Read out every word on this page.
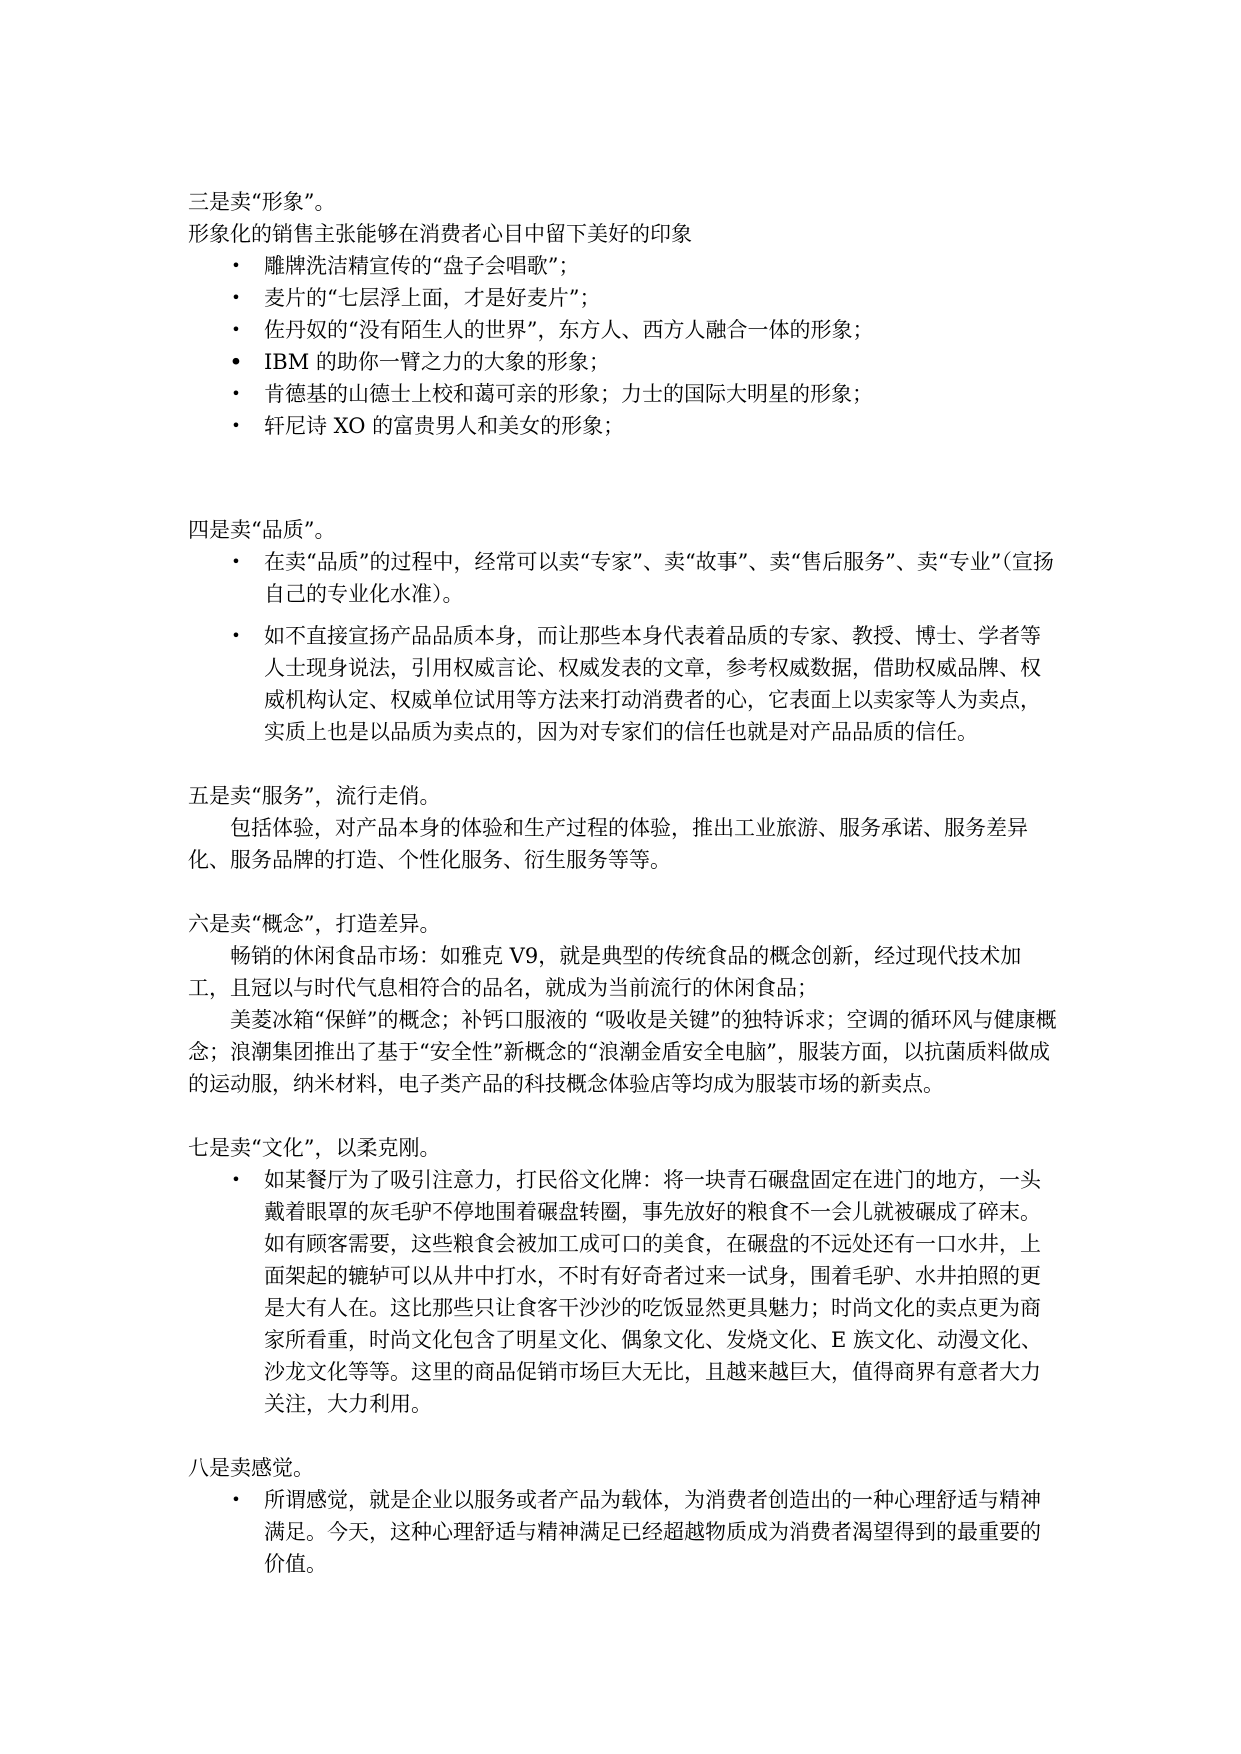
三是卖“形象”。

形象化的销售主张能够在消费者心目中留下美好的印象

• 雕牌洗洁精宣传的“盘子会唱歌”；
• 麦片的“七层浮上面，才是好麦片”；
• 佐丹奴的“没有陌生人的世界”，东方人、西方人融合一体的形象；
• IBM 的助你一臂之力的大象的形象；
• 肯德基的山德士上校和蔼可亲的形象；力士的国际大明星的形象；
• 轩尼诗 XO 的富贵男人和美女的形象；

四是卖“品质”。

• 在卖“品质”的过程中，经常可以卖“专家”、卖“故事”、卖“售后服务”、卖“专业”（宣扬自己的专业化水准）。
• 如不直接宣扬产品品质本身，而让那些本身代表着品质的专家、教授、博士、学者等人士现身说法，引用权威言论、权威发表的文章，参考权威数据，借助权威品牌、权威机构认定、权威单位试用等方法来打动消费者的心，它表面上以卖家等人为卖点，实质上也是以品质为卖点的，因为对专家们的信任也就是对产品品质的信任。

五是卖“服务”，流行走俏。

包括体验，对产品本身的体验和生产过程的体验，推出工业旅游、服务承诺、服务差异化、服务品牌的打造、个性化服务、衍生服务等等。

六是卖“概念”，打造差异。

畅销的休闲食品市场：如雅克 V9，就是典型的传统食品的概念创新，经过现代技术加工，且冠以与时代气息相符合的品名，就成为当前流行的休闲食品；

美菱冰箱“保鲜”的概念；补钙口服液的 “吸收是关键”的独特诉求；空调的循环风与健康概念；浪潮集团推出了基于“安全性”新概念的“浪潮金盾安全电脑”，服装方面，以抗菌质料做成的运动服，纳米材料，电子类产品的科技概念体验店等均成为服装市场的新卖点。

七是卖“文化”，以柔克刚。

• 如某餐厅为了吸引注意力，打民俗文化牌：将一块青石碾盘固定在进门的地方，一头戴着眼罩的灰毛驴不停地围着碾盘转圈，事先放好的粮食不一会儿就被碾成了碎末。如有顾客需要，这些粮食会被加工成可口的美食，在碾盘的不远处还有一口水井，上面架起的辘轳可以从井中打水，不时有好奇者过来一试身，围着毛驴、水井拍照的更是大有人在。这比那些只让食客干沙沙的吃饭显然更具魅力；时尚文化的卖点更为商家所看重，时尚文化包含了明星文化、偶象文化、发烧文化、E 族文化、动漫文化、沙龙文化等等。这里的商品促销市场巨大无比，且越来越巨大，值得商界有意者大力关注，大力利用。

八是卖感觉。

• 所谓感觉，就是企业以服务或者产品为载体，为消费者创造出的一种心理舒适与精神满足。今天，这种心理舒适与精神满足已经超越物质成为消费者渴望得到的最重要的价值。
